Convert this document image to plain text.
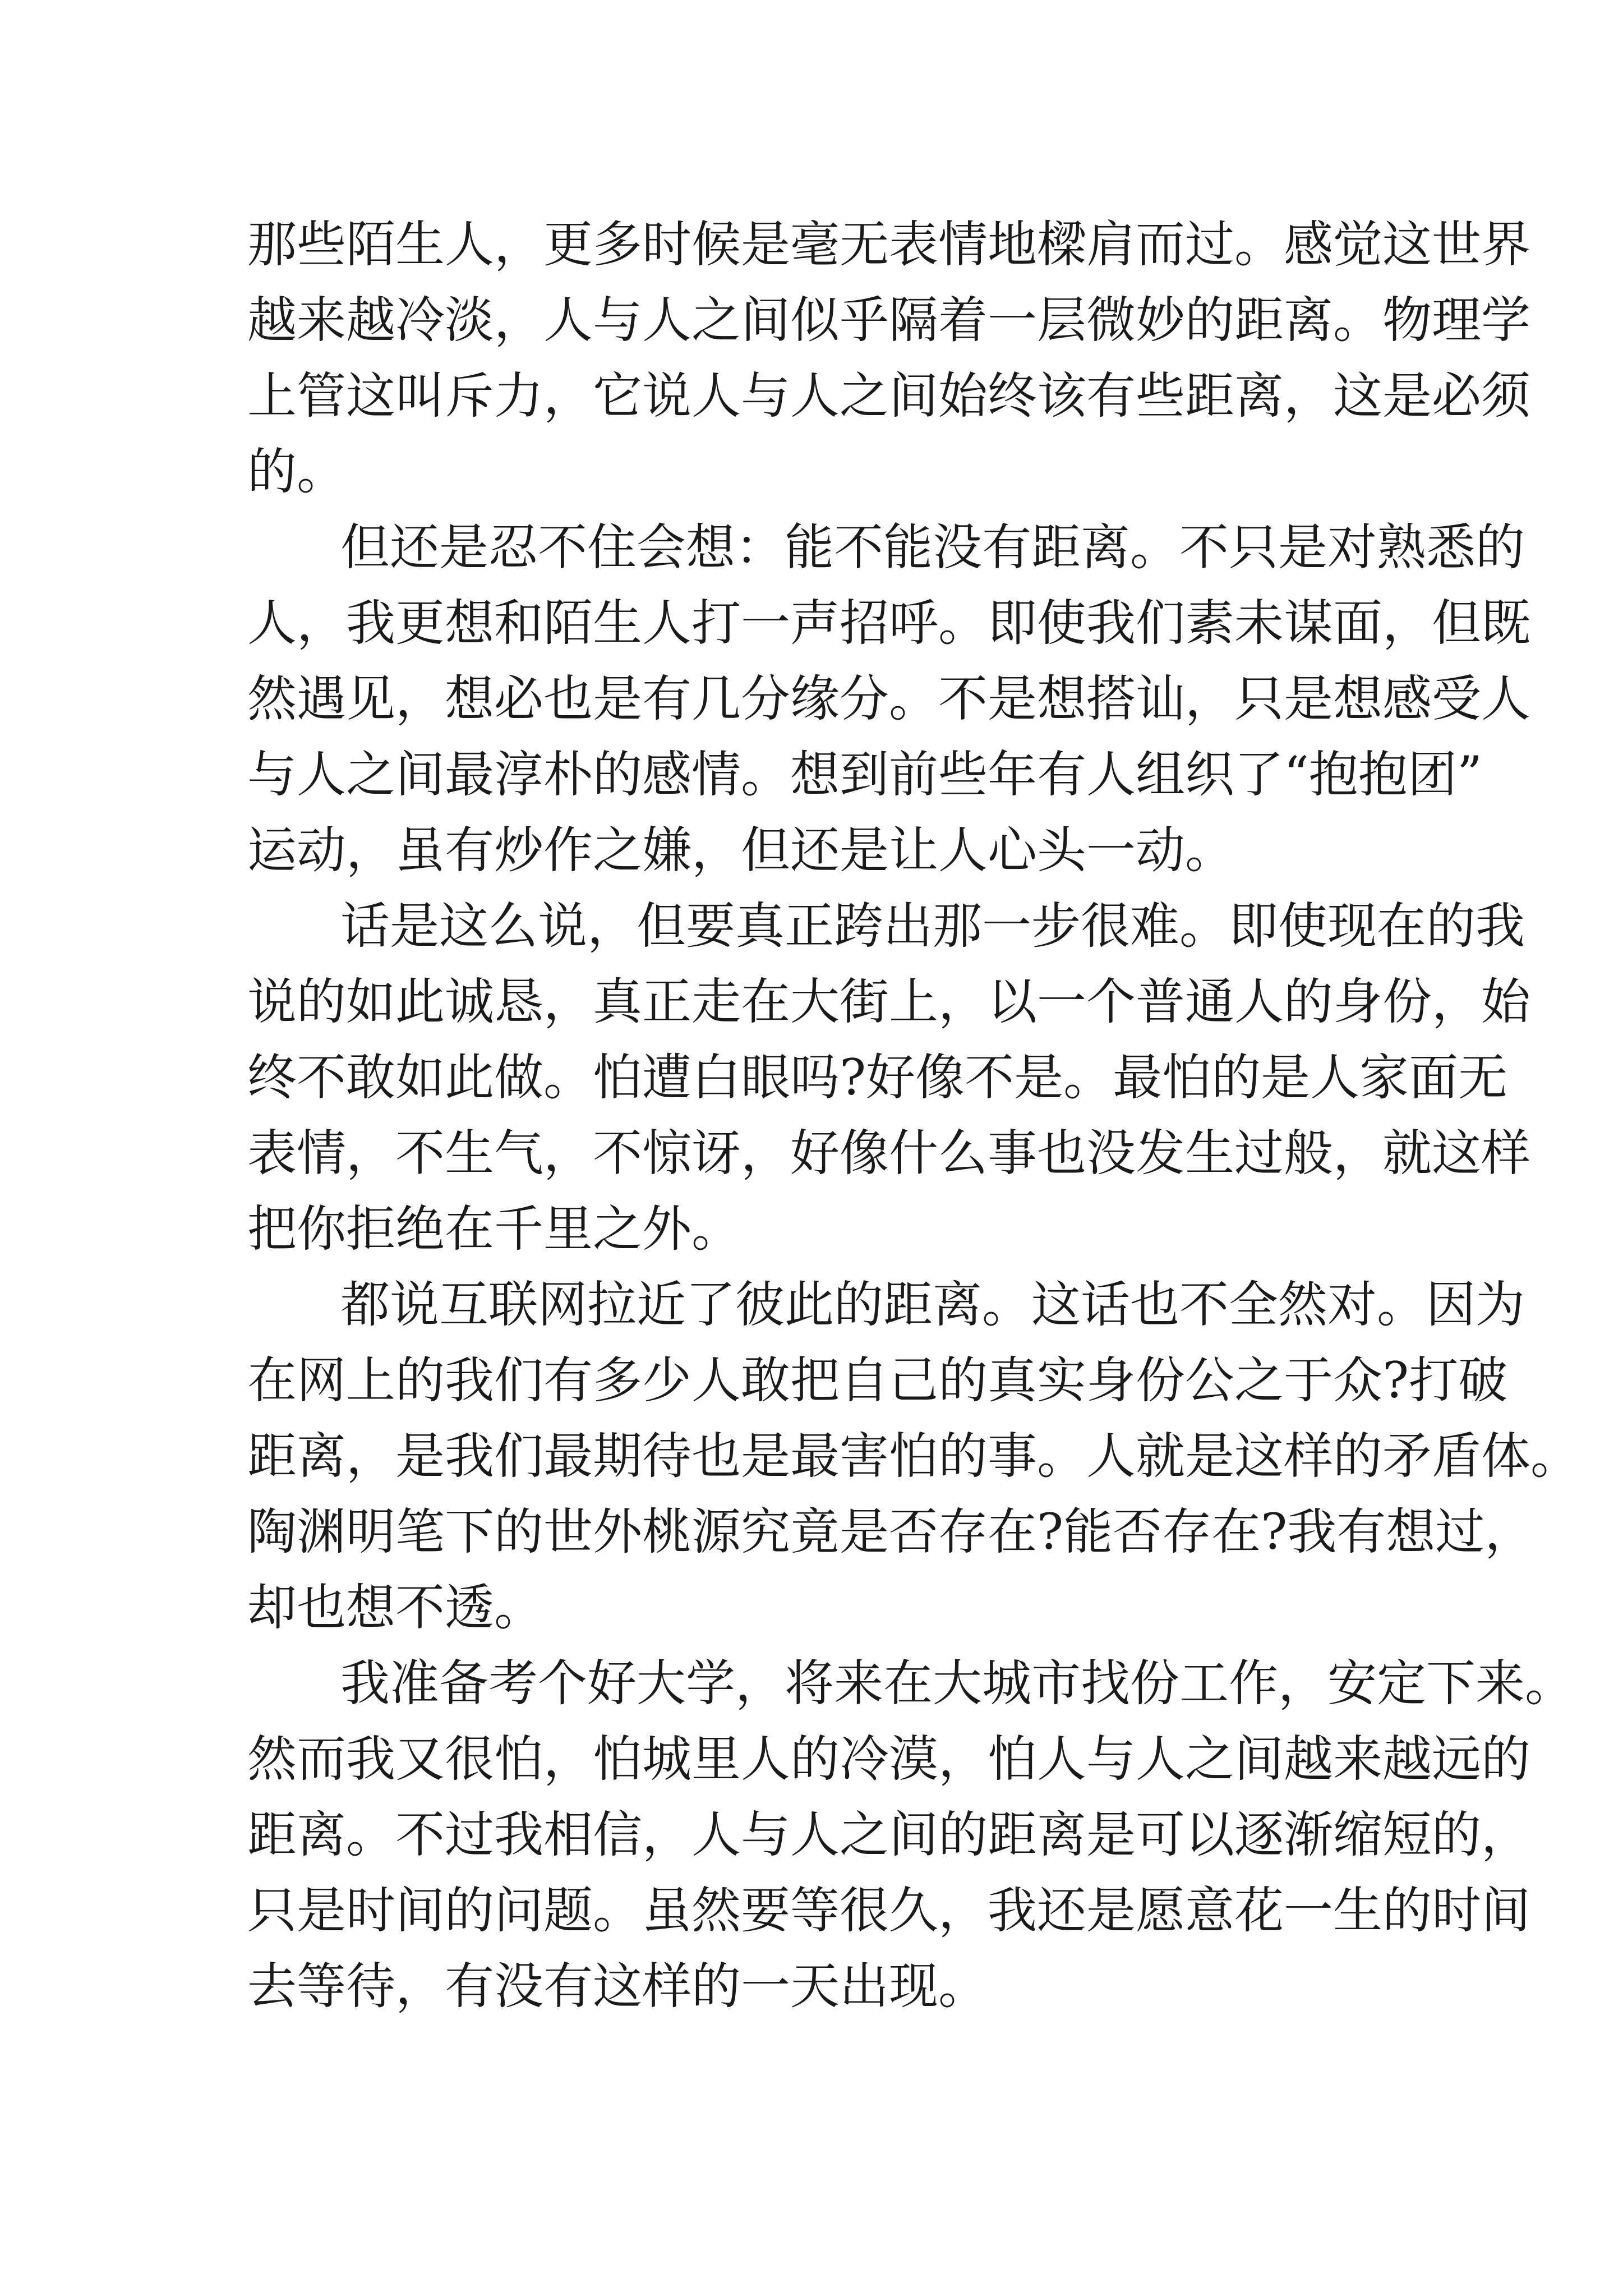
那些陌生人，更多时候是毫无表情地樑肩而过。感觉这世界
越来越冷淡，人与人之间似乎隔着一层微妙的距离。物理学
上管这叫斥力，它说人与人之间始终该有些距离，这是必须
的。
但还是忍不住会想：能不能没有距离。不只是对熟悉的
人，我更想和陌生人打一声招呼。即使我们素未谋面，但既
然遇见，想必也是有几分缘分。不是想搭讪，只是想感受人
与人之间最淳朴的感情。想到前些年有人组织了“抱抱团”
运动，虽有炒作之嫌，但还是让人心头一动。
话是这么说，但要真正跨出那一步很难。即使现在的我
说的如此诚恳，真正走在大街上，以一个普通人的身份，始
终不敢如此做。怕遭白眼吗?好像不是。最怕的是人家面无
表情，不生气，不惊讶，好像什么事也没发生过般，就这样
把你拒绝在千里之外。
都说互联网拉近了彼此的距离。这话也不全然对。因为
在网上的我们有多少人敢把自己的真实身份公之于众?打破
距离，是我们最期待也是最害怕的事。人就是这样的矛盾体。
陶渊明笔下的世外桃源究竟是否存在?能否存在?我有想过，
却也想不透。
我准备考个好大学，将来在大城市找份工作，安定下来。
然而我又很怕，怕城里人的冷漠，怕人与人之间越来越远的
距离。不过我相信，人与人之间的距离是可以逐渐缩短的，
只是时间的问题。虽然要等很久，我还是愿意花一生的时间
去等待，有没有这样的一天出现。
